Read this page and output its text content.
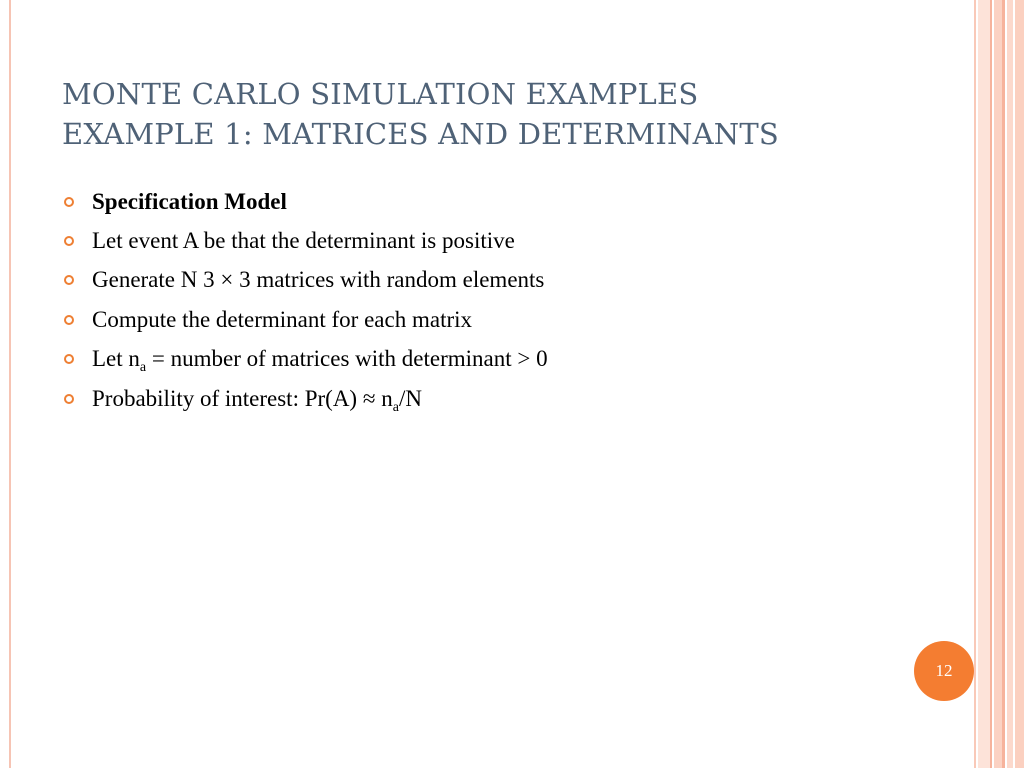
MONTE CARLO SIMULATION EXAMPLES
EXAMPLE 1: MATRICES AND DETERMINANTS
Specification Model
Let event A be that the determinant is positive
Generate N 3 × 3 matrices with random elements
Compute the determinant for each matrix
Let $n_a$ = number of matrices with determinant > 0
Probability of interest: $Pr(A) \approx n_a/N$
12
